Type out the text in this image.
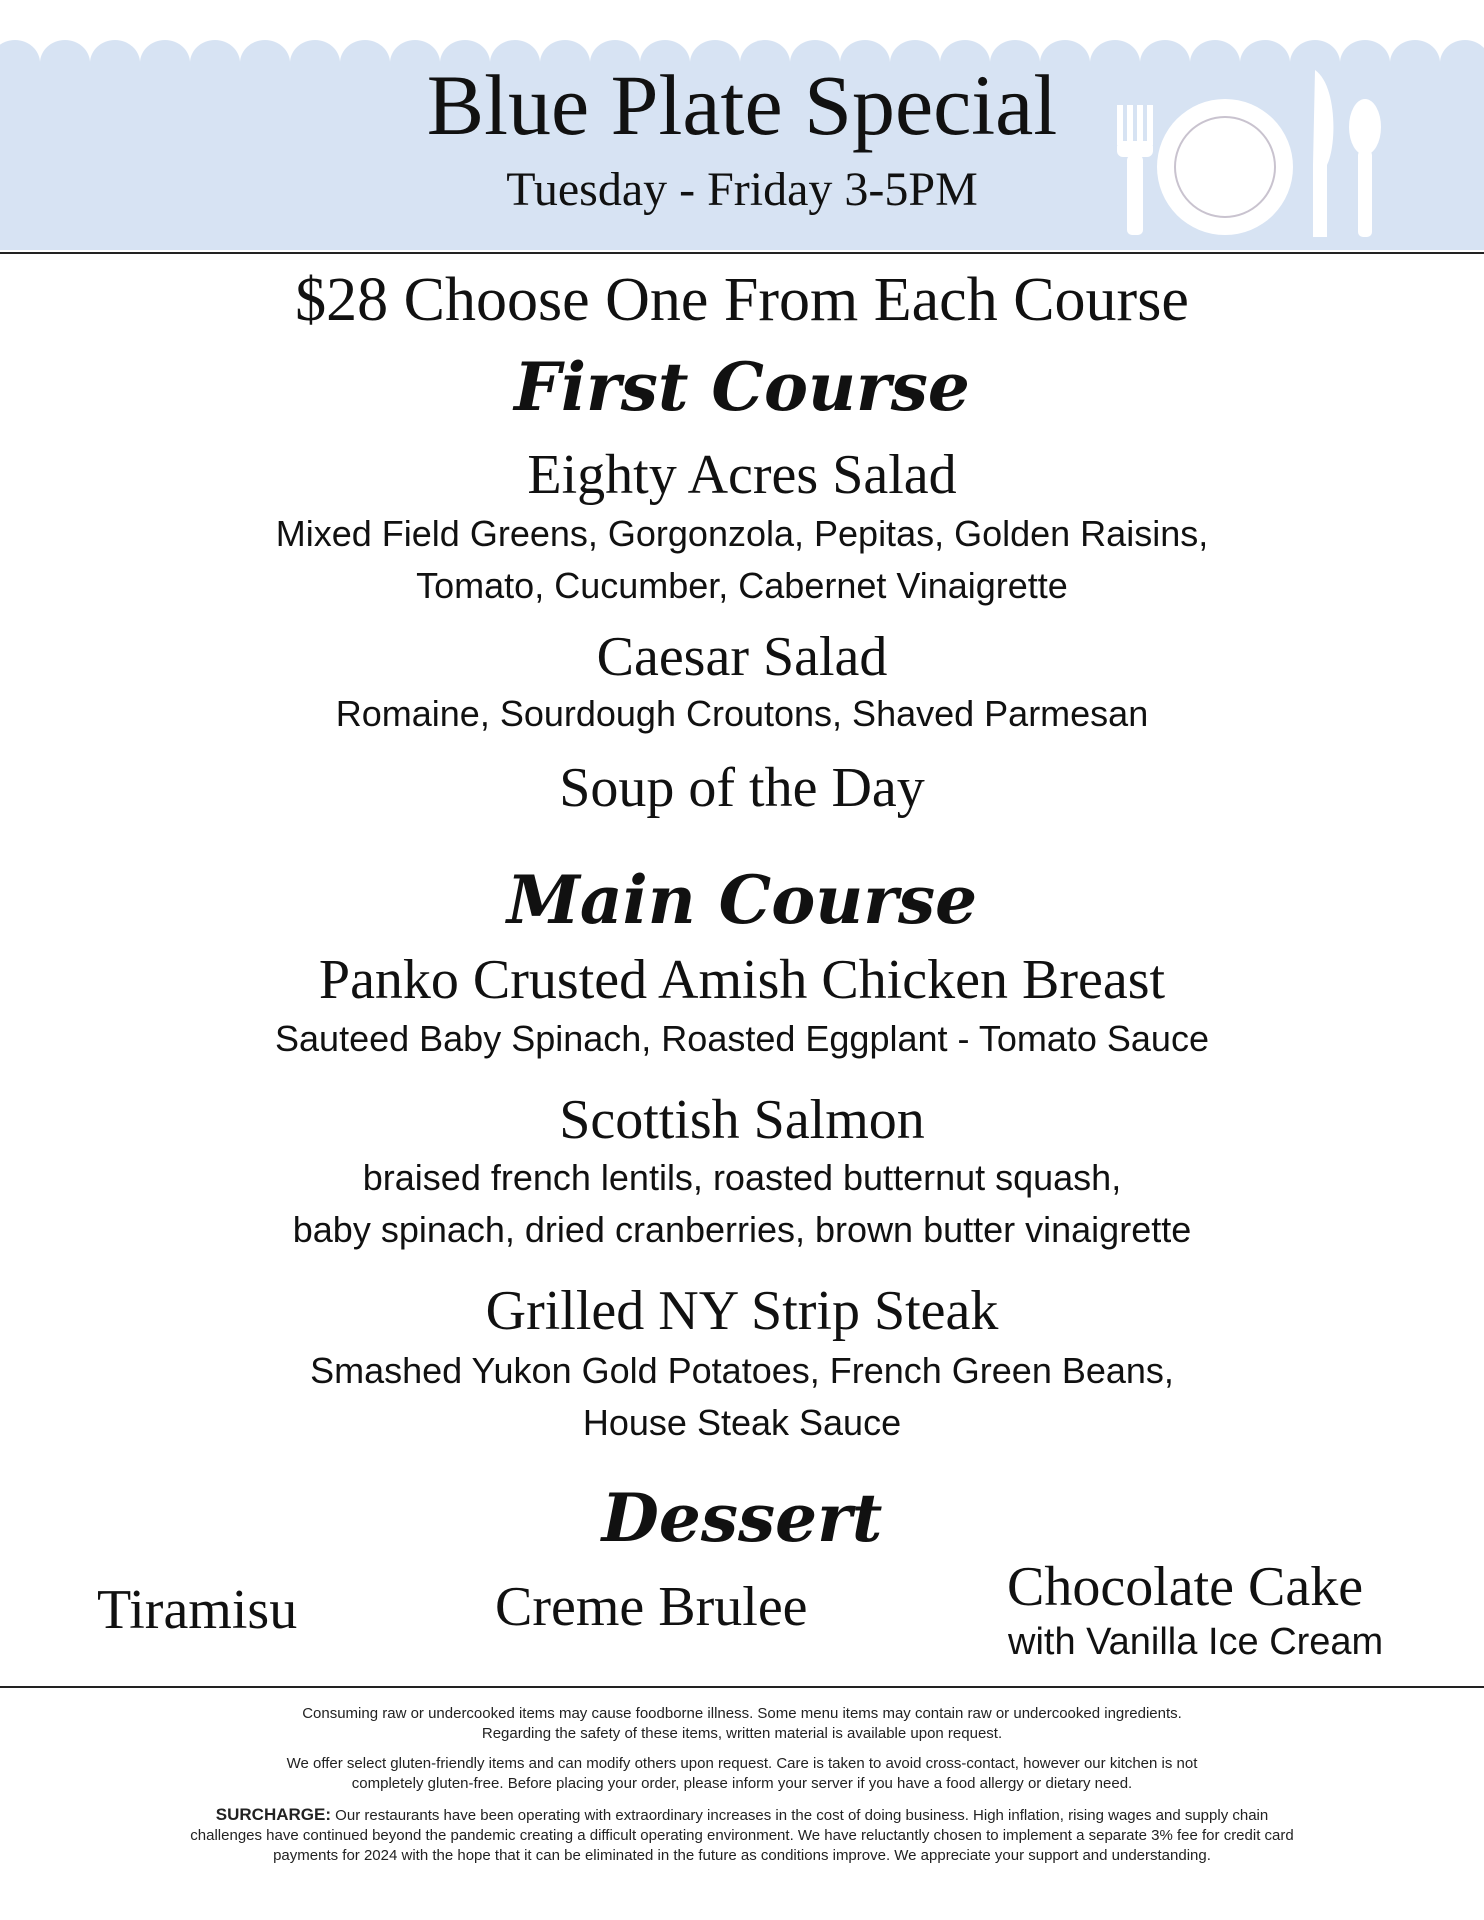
Blue Plate Special
Tuesday - Friday 3-5PM
$28 Choose One From Each Course
First Course
Eighty Acres Salad
Mixed Field Greens, Gorgonzola, Pepitas, Golden Raisins,
Tomato, Cucumber, Cabernet Vinaigrette
Caesar Salad
Romaine, Sourdough Croutons, Shaved Parmesan
Soup of the Day
Main Course
Panko Crusted Amish Chicken Breast
Sauteed Baby Spinach, Roasted Eggplant - Tomato Sauce
Scottish Salmon
braised french lentils, roasted butternut squash,
baby spinach, dried cranberries, brown butter vinaigrette
Grilled NY Strip Steak
Smashed Yukon Gold Potatoes, French Green Beans,
House Steak Sauce
Dessert
Tiramisu	Creme Brulee	Chocolate Cake
with Vanilla Ice Cream
Consuming raw or undercooked items may cause foodborne illness. Some menu items may contain raw or undercooked ingredients.
Regarding the safety of these items, written material is available upon request.
We offer select gluten-friendly items and can modify others upon request. Care is taken to avoid cross-contact, however our kitchen is not
completely gluten-free. Before placing your order, please inform your server if you have a food allergy or dietary need.
SURCHARGE: Our restaurants have been operating with extraordinary increases in the cost of doing business. High inflation, rising wages and supply chain
challenges have continued beyond the pandemic creating a difficult operating environment. We have reluctantly chosen to implement a separate 3% fee for credit card
payments for 2024 with the hope that it can be eliminated in the future as conditions improve. We appreciate your support and understanding.
